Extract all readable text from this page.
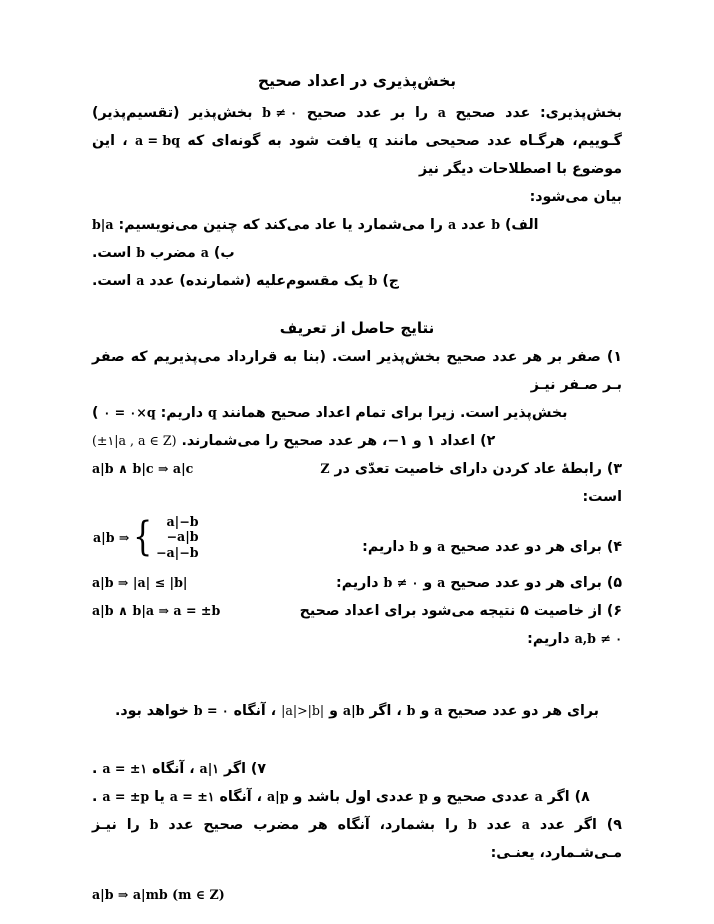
بخش‌پذیری در اعداد صحیح
بخش‌پذیری: عدد صحیح a را بر عدد صحیح b ≠ ۰ بخش‌پذیر (تقسیم‌پذیر) گـوییم، هرگـاه عدد صحیحی مانند q یافت شود به گونه‌ای که a = bq ، این موضوع با اصطلاحات دیگر نیز
بیان می‌شود:
الف) b عدد a را می‌شمارد یا عاد می‌کند که چنین می‌نویسیم: b|a
ب) a مضرب b است.
ج) b یک مقسوم‌علیه (شمارنده) عدد a است.
نتایج حاصل از تعریف
۱) صفر بر هر عدد صحیح بخش‌پذیر است. (بنا به قرارداد می‌پذیریم که صفر بـر صـفر نیـز
بخش‌پذیر است. زیرا برای تمام اعداد صحیح همانند q داریم: ۰ = ۰×q )
۲) اعداد ۱ و ۱−، هر عدد صحیح را می‌شمارند. (±۱|a , a ∈ Z)
a|b ∧ b|c ⇒ a|c	۳) رابطهٔ عاد کردن دارای خاصیت تعدّی در Z است:
a|b ⇒ {	a|−b
−a|b
−a|−b	۴) برای هر دو عدد صحیح a و b داریم:
a|b ⇒ |a| ≤ |b|	۵) برای هر دو عدد صحیح a و b ≠ ۰ داریم:
a|b ∧ b|a ⇒ a = ±b	۶) از خاصیت ۵ نتیجه می‌شود برای اعداد صحیح a,b ≠ ۰ داریم:
برای هر دو عدد صحیح a و b ، اگر a|b و |a|>|b| ، آنگاه b = ۰ خواهد بود.
۷) اگر a|۱ ، آنگاه a = ±۱ .
۸) اگر a عددی صحیح و p عددی اول باشد و a|p ، آنگاه a = ±۱ یا a = ±p .
۹) اگر عدد a عدد b را بشمارد، آنگاه هر مضرب صحیح عدد b را نیـز مـی‌شـمارد، یعنـی:
a|b ⇒ a|mb (m ∈ Z)
